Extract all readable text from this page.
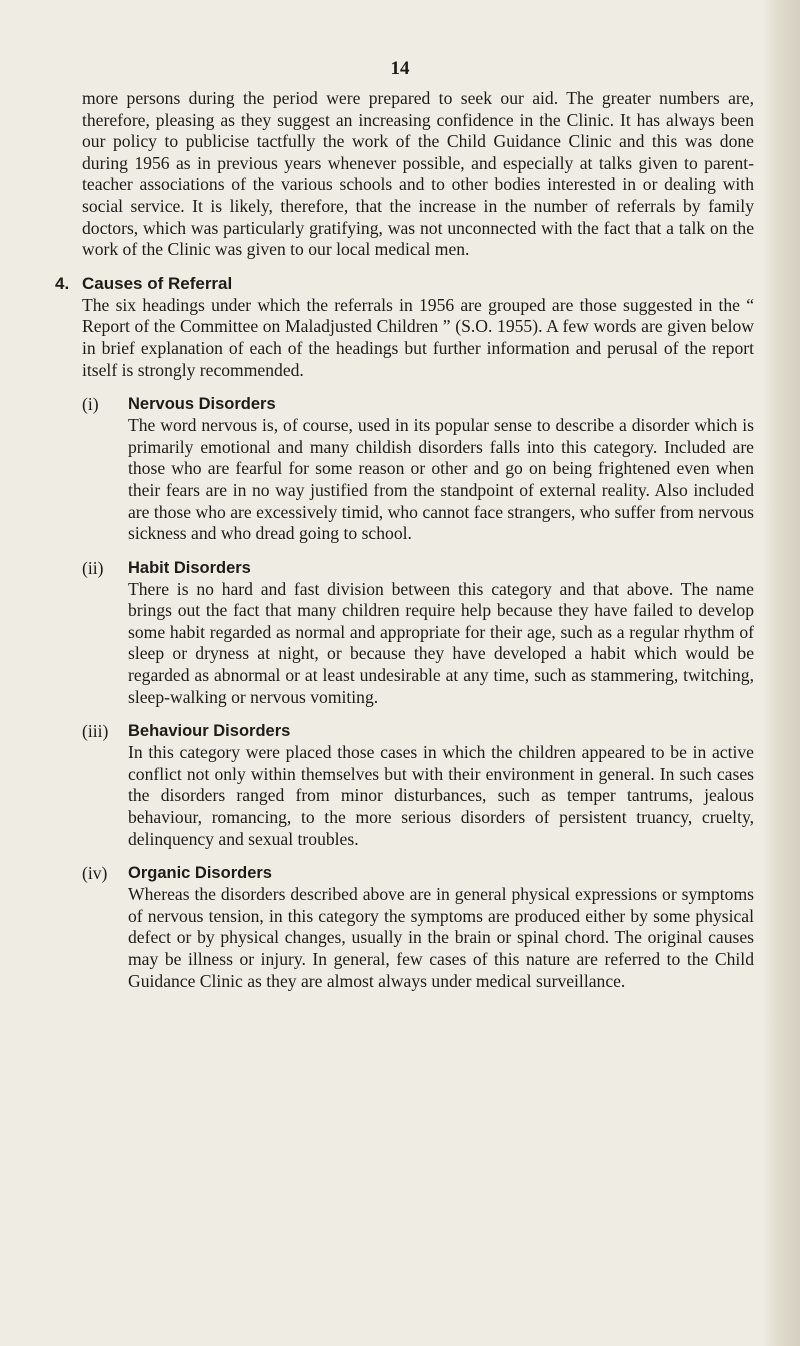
14

more persons during the period were prepared to seek our aid. The greater numbers are, therefore, pleasing as they suggest an increasing confidence in the Clinic. It has always been our policy to publicise tactfully the work of the Child Guidance Clinic and this was done during 1956 as in previous years whenever possible, and especially at talks given to parent-teacher associations of the various schools and to other bodies interested in or dealing with social service. It is likely, therefore, that the increase in the number of referrals by family doctors, which was particularly gratifying, was not unconnected with the fact that a talk on the work of the Clinic was given to our local medical men.

4. Causes of Referral

The six headings under which the referrals in 1956 are grouped are those suggested in the “ Report of the Committee on Maladjusted Children ” (S.O. 1955). A few words are given below in brief explanation of each of the headings but further information and perusal of the report itself is strongly recommended.

(i) Nervous Disorders

The word nervous is, of course, used in its popular sense to describe a disorder which is primarily emotional and many childish disorders falls into this category. Included are those who are fearful for some reason or other and go on being frightened even when their fears are in no way justified from the standpoint of external reality. Also included are those who are excessively timid, who cannot face strangers, who suffer from nervous sickness and who dread going to school.

(ii) Habit Disorders

There is no hard and fast division between this category and that above. The name brings out the fact that many children require help because they have failed to develop some habit regarded as normal and appropriate for their age, such as a regular rhythm of sleep or dryness at night, or because they have developed a habit which would be regarded as abnormal or at least undesirable at any time, such as stammering, twitching, sleep-walking or nervous vomiting.

(iii) Behaviour Disorders

In this category were placed those cases in which the children appeared to be in active conflict not only within themselves but with their environment in general. In such cases the disorders ranged from minor disturbances, such as temper tantrums, jealous behaviour, romancing, to the more serious disorders of persistent truancy, cruelty, delinquency and sexual troubles.

(iv) Organic Disorders

Whereas the disorders described above are in general physical expressions or symptoms of nervous tension, in this category the symptoms are produced either by some physical defect or by physical changes, usually in the brain or spinal chord. The original causes may be illness or injury. In general, few cases of this nature are referred to the Child Guidance Clinic as they are almost always under medical surveillance.
